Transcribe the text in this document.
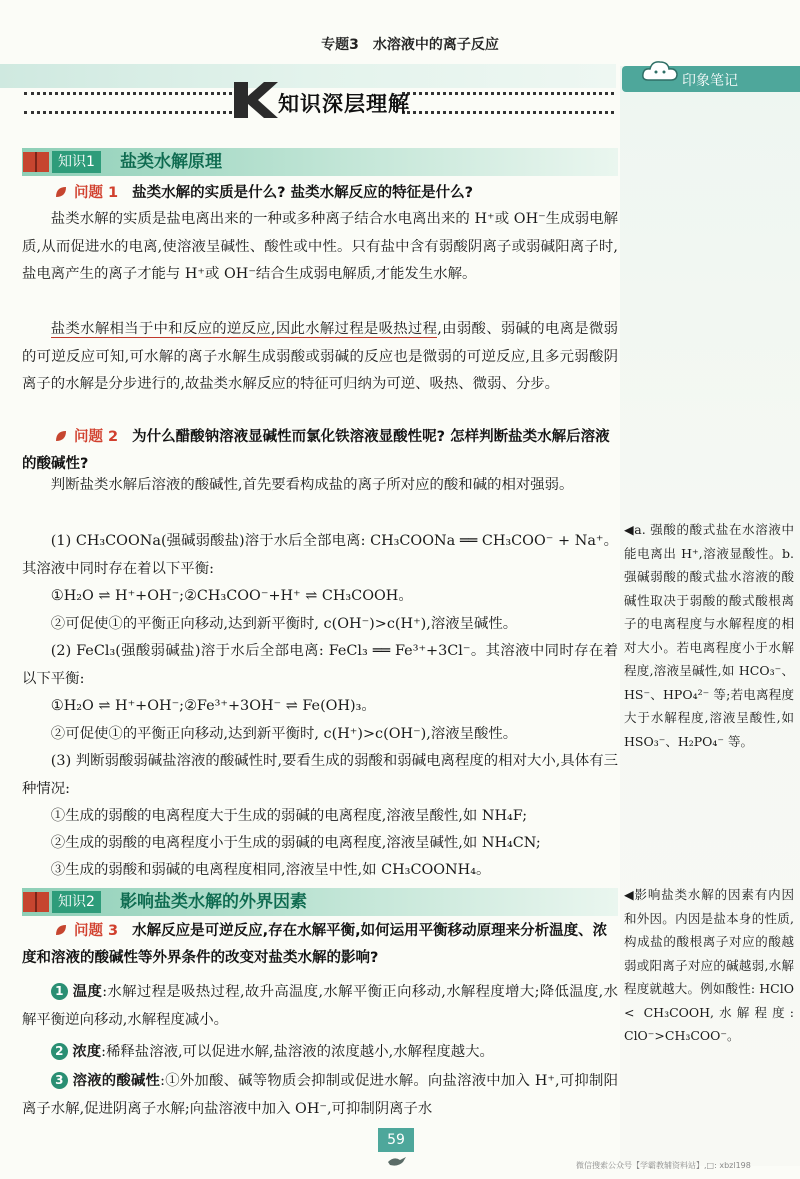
专题3　水溶液中的离子反应
知识深层理解
印象笔记
◀a. 强酸的酸式盐在水溶液中能电离出 H⁺,溶液显酸性。b. 强碱弱酸的酸式盐水溶液的酸碱性取决于弱酸的酸式酸根离子的电离程度与水解程度的相对大小。若电离程度小于水解程度,溶液呈碱性,如 HCO₃⁻、HS⁻、HPO₄²⁻ 等;若电离程度大于水解程度,溶液呈酸性,如 HSO₃⁻、H₂PO₄⁻ 等。
◀影响盐类水解的因素有内因和外因。内因是盐本身的性质,构成盐的酸根离子对应的酸越弱或阳离子对应的碱越弱,水解程度就越大。例如酸性: HClO < CH₃COOH,水解程度: ClO⁻>CH₃COO⁻。
知识1	盐类水解原理
问题 1 盐类水解的实质是什么? 盐类水解反应的特征是什么?
盐类水解的实质是盐电离出来的一种或多种离子结合水电离出来的 H⁺或 OH⁻生成弱电解质,从而促进水的电离,使溶液呈碱性、酸性或中性。只有盐中含有弱酸阴离子或弱碱阳离子时,盐电离产生的离子才能与 H⁺或 OH⁻结合生成弱电解质,才能发生水解。
盐类水解相当于中和反应的逆反应,因此水解过程是吸热过程,由弱酸、弱碱的电离是微弱的可逆反应可知,可水解的离子水解生成弱酸或弱碱的反应也是微弱的可逆反应,且多元弱酸阴离子的水解是分步进行的,故盐类水解反应的特征可归纳为可逆、吸热、微弱、分步。
问题 2 为什么醋酸钠溶液显碱性而氯化铁溶液显酸性呢? 怎样判断盐类水解后溶液的酸碱性?
判断盐类水解后溶液的酸碱性,首先要看构成盐的离子所对应的酸和碱的相对强弱。
(1) CH₃COONa(强碱弱酸盐)溶于水后全部电离: CH₃COONa ══ CH₃COO⁻ + Na⁺。其溶液中同时存在着以下平衡:
①H₂O ⇌ H⁺+OH⁻;②CH₃COO⁻+H⁺ ⇌ CH₃COOH。
②可促使①的平衡正向移动,达到新平衡时, c(OH⁻)>c(H⁺),溶液呈碱性。
(2) FeCl₃(强酸弱碱盐)溶于水后全部电离: FeCl₃ ══ Fe³⁺+3Cl⁻。其溶液中同时存在着以下平衡:
①H₂O ⇌ H⁺+OH⁻;②Fe³⁺+3OH⁻ ⇌ Fe(OH)₃。
②可促使①的平衡正向移动,达到新平衡时, c(H⁺)>c(OH⁻),溶液呈酸性。
(3) 判断弱酸弱碱盐溶液的酸碱性时,要看生成的弱酸和弱碱电离程度的相对大小,具体有三种情况:
①生成的弱酸的电离程度大于生成的弱碱的电离程度,溶液呈酸性,如 NH₄F;
②生成的弱酸的电离程度小于生成的弱碱的电离程度,溶液呈碱性,如 NH₄CN;
③生成的弱酸和弱碱的电离程度相同,溶液呈中性,如 CH₃COONH₄。
知识2	影响盐类水解的外界因素
问题 3 水解反应是可逆反应,存在水解平衡,如何运用平衡移动原理来分析温度、浓度和溶液的酸碱性等外界条件的改变对盐类水解的影响?
1 温度:水解过程是吸热过程,故升高温度,水解平衡正向移动,水解程度增大;降低温度,水解平衡逆向移动,水解程度减小。
2 浓度:稀释盐溶液,可以促进水解,盐溶液的浓度越小,水解程度越大。
3 溶液的酸碱性:①外加酸、碱等物质会抑制或促进水解。向盐溶液中加入 H⁺,可抑制阳离子水解,促进阴离子水解;向盐溶液中加入 OH⁻,可抑制阴离子水
59
微信搜索公众号【学霸教辅资料站】,□: xbzl198
